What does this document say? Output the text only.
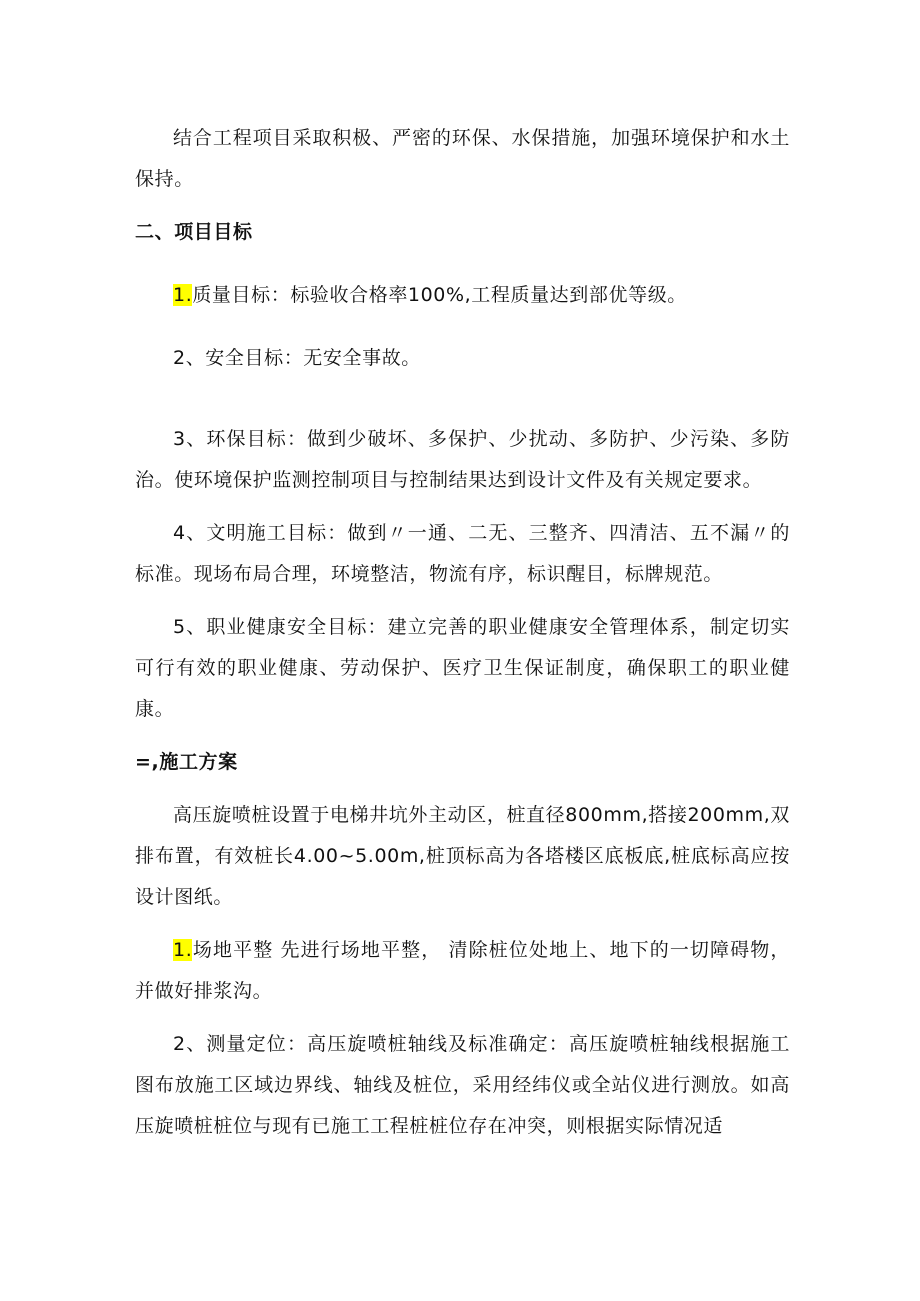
结合工程项目采取积极、严密的环保、水保措施，加强环境保护和水土保持。

二、项目目标

1.质量目标：标验收合格率100%,工程质量达到部优等级。

2、安全目标：无安全事故。

3、环保目标：做到少破坏、多保护、少扰动、多防护、少污染、多防治。使环境保护监测控制项目与控制结果达到设计文件及有关规定要求。

4、文明施工目标：做到〃一通、二无、三整齐、四清洁、五不漏〃的标准。现场布局合理，环境整洁，物流有序，标识醒目，标牌规范。

5、职业健康安全目标：建立完善的职业健康安全管理体系，制定切实可行有效的职业健康、劳动保护、医疗卫生保证制度，确保职工的职业健康。

=,施工方案

高压旋喷桩设置于电梯井坑外主动区，桩直径800mm,搭接200mm,双排布置，有效桩长4.00~5.00m,桩顶标高为各塔楼区底板底,桩底标高应按设计图纸。

1.场地平整 先进行场地平整， 清除桩位处地上、地下的一切障碍物，并做好排浆沟。

2、测量定位：高压旋喷桩轴线及标准确定：高压旋喷桩轴线根据施工图布放施工区域边界线、轴线及桩位，采用经纬仪或全站仪进行测放。如高压旋喷桩桩位与现有已施工工程桩桩位存在冲突，则根据实际情况适
